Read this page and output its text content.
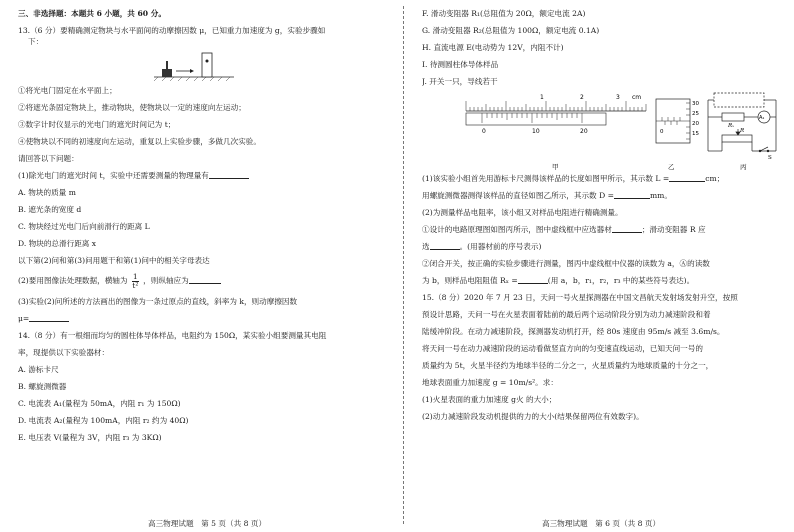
三、非选择题：本题共 6 小题，共 60 分。
13.（6 分）要精确测定物块与水平面间的动摩擦因数 μ，已知重力加速度为 g，实验步骤如
下：
①将光电门固定在水平面上；
②将遮光条固定物块上，推动物块，使物块以一定的速度向左运动；
③数字计时仪显示的光电门的遮光时间记为 t；
④使物块以不同的初速度向左运动，重复以上实验步骤，多做几次实验。
请回答以下问题：
(1)除光电门的遮光时间 t，实验中还需要测量的物理量有
A. 物块的质量 m
B. 遮光条的宽度 d
C. 物块经过光电门后向前滑行的距离 L
D. 物块的总滑行距离 x
以下第(2)问和第(3)问用题干和第(1)问中的相关字母表达
(2)要用图像法处理数据，横轴为 $\frac{1}{\text{t²}}$ ，则纵轴应为
(3)实验(2)问所述的方法画出的图像为一条过原点的直线，斜率为 k，则动摩擦因数
μ=
14.（8 分）有一根细而均匀的圆柱体导体样品，电阻约为 150Ω，某实验小组要测量其电阻
率，现提供以下实验器材：
A. 游标卡尺
B. 螺旋测微器
C. 电流表 A₁(量程为 50mA，内阻 r₁ 为 150Ω)
D. 电流表 A₂(量程为 100mA，内阻 r₂ 约为 40Ω)
E. 电压表 V(量程为 3V，内阻 r₃ 为 3KΩ)
高三物理试题　第 5 页（共 8 页）
F. 滑动变阻器 R₁(总阻值为 20Ω，额定电流 2A)
G. 滑动变阻器 R₂(总阻值为 100Ω，额定电流 0.1A)
H. 直流电源 E(电动势为 12V，内阻不计)
I. 待测圆柱体导体样品
J. 开关一只，导线若干
1	2	3 cm
0	10	20
30
25
20
15
0
Rₓ
A₁
R
S
甲	乙	丙
(1)该实验小组首先用游标卡尺测得该样品的长度如图甲所示，其示数 L =	cm；
用螺旋测微器测得该样品的直径如图乙所示，其示数 D =	mm。
(2)为测量样品电阻率，该小组又对样品电阻进行精确测量。
①设计的电路原理图如图丙所示，图中虚线框中应选器材	；滑动变阻器 R 应
选	。(用器材前的序号表示)
②闭合开关，按正确的实验步骤进行测量，图丙中虚线框中仪器的读数为 a，Ⓐ的读数
为 b，则样品电阻阻值 Rₓ =	(用 a，b，r₁，r₂，r₃ 中的某些符号表达)。
15.（8 分）2020 年 7 月 23 日，天问一号火星探测器在中国文昌航天发射场发射升空，按照
预设计思路，天问一号在火星表面着陆前的最后两个运动阶段分别为动力减速阶段和着
陆缓冲阶段。在动力减速阶段，探测器发动机打开，经 80s 速度由 95m/s 减至 3.6m/s。
将天问一号在动力减速阶段的运动看做竖直方向的匀变速直线运动，已知天问一号的
质量约为 5t，火星半径约为地球半径的二分之一，火星质量约为地球质量的十分之一，
地球表面重力加速度 g = 10m/s²。求：
(1)火星表面的重力加速度 g火 的大小；
(2)动力减速阶段发动机提供的力的大小(结果保留两位有效数字)。
高三物理试题　第 6 页（共 8 页）
